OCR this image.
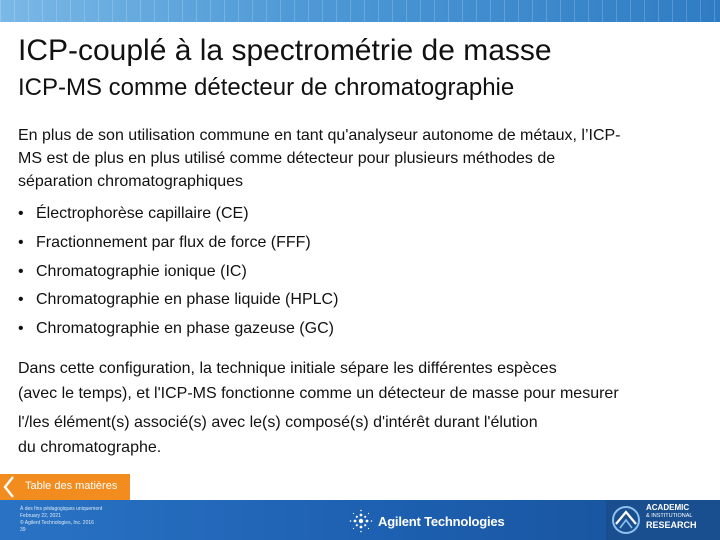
ICP-couplé à la spectrométrie de masse
ICP-MS comme détecteur de chromatographie
En plus de son utilisation commune en tant qu'analyseur autonome de métaux, l’ICP-
MS est de plus en plus utilisé comme détecteur pour plusieurs méthodes de
séparation chromatographiques
• Électrophorèse capillaire (CE)
• Fractionnement par flux de force (FFF)
• Chromatographie ionique (IC)
• Chromatographie en phase liquide (HPLC)
• Chromatographie en phase gazeuse (GC)
Dans cette configuration, la technique initiale sépare les différentes espèces
(avec le temps), et l'ICP-MS fonctionne comme un détecteur de masse pour mesurer
l'/les élément(s) associé(s) avec le(s) composé(s) d'intérêt durant l'élution
du chromatographe.
Table des matières
À des fins pédagogiques uniquement
February 22, 2021
© Agilent Technologies, Inc. 2016
39
Agilent Technologies
ACADEMIC
& INSTITUTIONAL
RESEARCH
